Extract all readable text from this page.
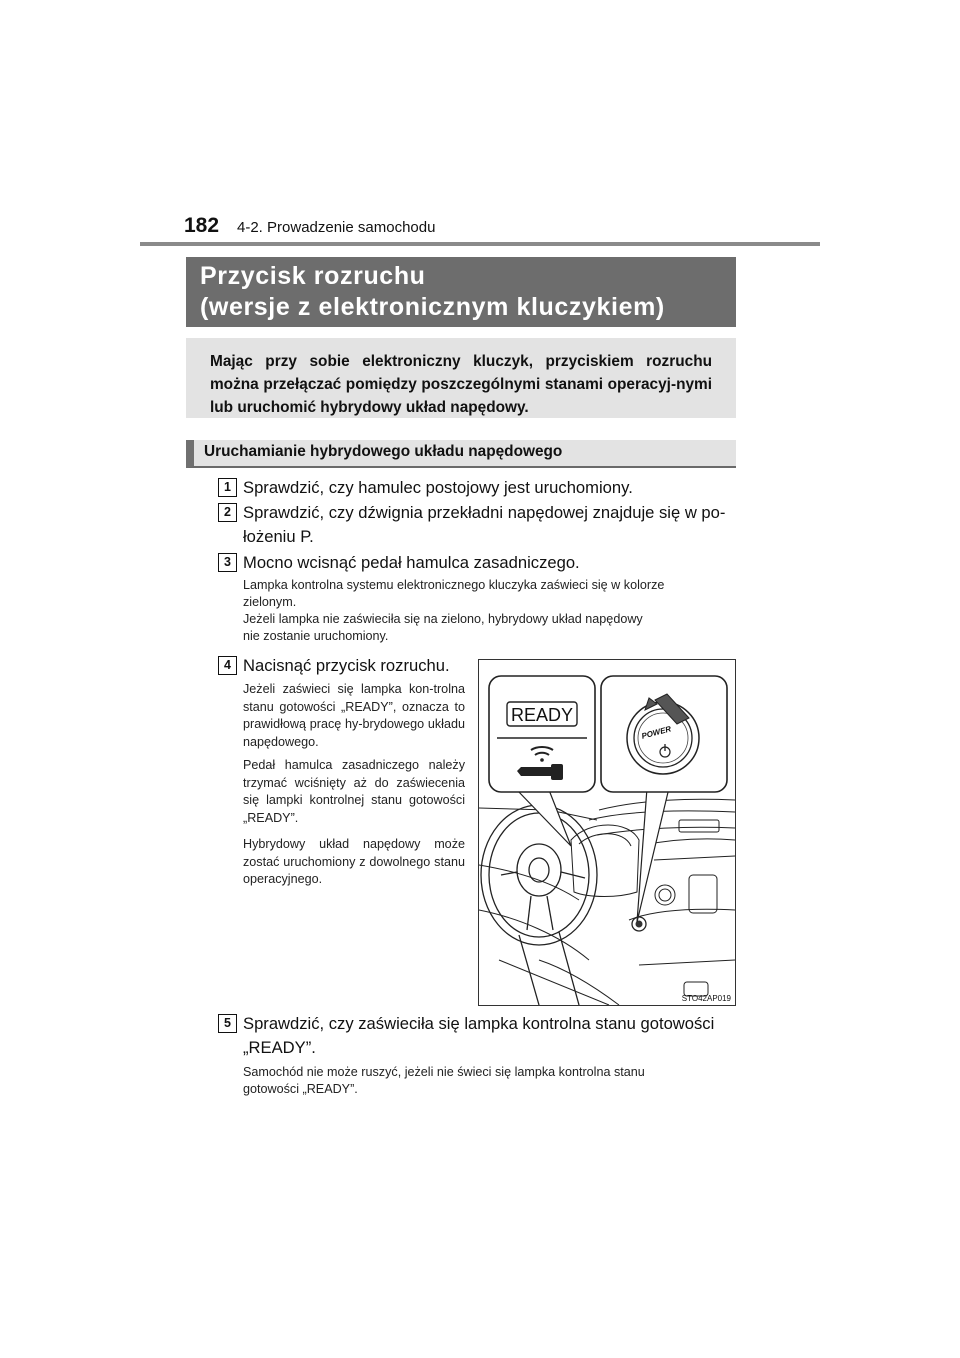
182 4-2. Prowadzenie samochodu
Przycisk rozruchu
(wersje z elektronicznym kluczykiem)
Mając przy sobie elektroniczny kluczyk, przyciskiem rozruchu można przełączać pomiędzy poszczególnymi stanami operacyj-nymi lub uruchomić hybrydowy układ napędowy.
Uruchamianie hybrydowego układu napędowego
1 Sprawdzić, czy hamulec postojowy jest uruchomiony.
2 Sprawdzić, czy dźwignia przekładni napędowej znajduje się w po-
łożeniu P.
3 Mocno wcisnąć pedał hamulca zasadniczego.
Lampka kontrolna systemu elektronicznego kluczyka zaświeci się w kolorze
zielonym.
Jeżeli lampka nie zaświeciła się na zielono, hybrydowy układ napędowy
nie zostanie uruchomiony.
4 Nacisnąć przycisk rozruchu.
Jeżeli zaświeci się lampka kon-trolna stanu gotowości „READY”, oznacza to prawidłową pracę hy-brydowego układu napędowego.
Pedał hamulca zasadniczego należy trzymać wciśnięty aż do zaświecenia się lampki kontrolnej stanu gotowości „READY”.
Hybrydowy układ napędowy może zostać uruchomiony z dowolnego stanu operacyjnego.
READY
POWER
STO42AP019
5 Sprawdzić, czy zaświeciła się lampka kontrolna stanu gotowości
„READY”.
Samochód nie może ruszyć, jeżeli nie świeci się lampka kontrolna stanu
gotowości „READY”.
